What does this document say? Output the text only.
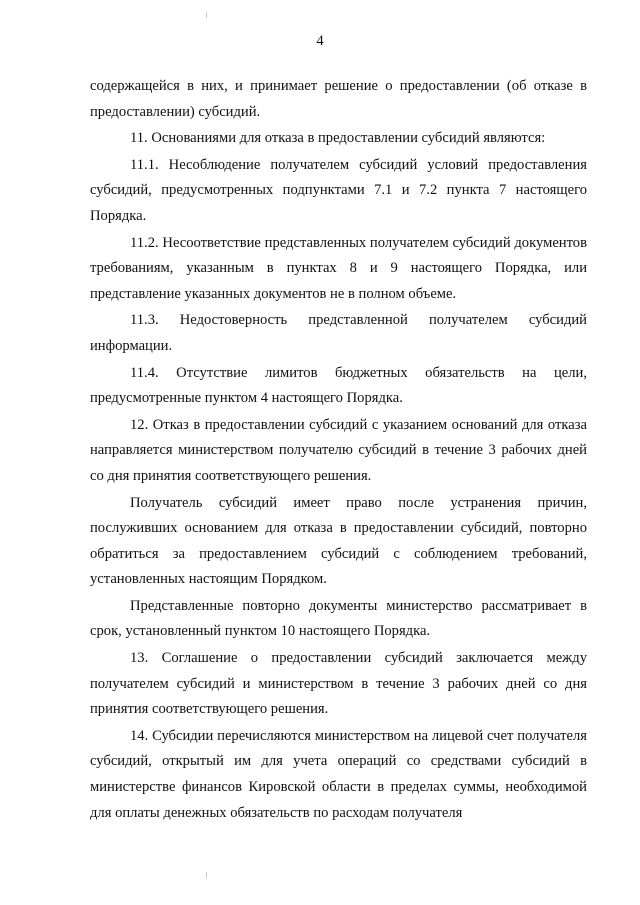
4

содержащейся в них, и принимает решение о предоставлении (об отказе в предоставлении) субсидий.

11. Основаниями для отказа в предоставлении субсидий являются:

11.1. Несоблюдение получателем субсидий условий предоставления субсидий, предусмотренных подпунктами 7.1 и 7.2 пункта 7 настоящего Порядка.

11.2. Несоответствие представленных получателем субсидий документов требованиям, указанным в пунктах 8 и 9 настоящего Порядка, или представление указанных документов не в полном объеме.

11.3. Недостоверность представленной получателем субсидий информации.

11.4. Отсутствие лимитов бюджетных обязательств на цели, предусмотренные пунктом 4 настоящего Порядка.

12. Отказ в предоставлении субсидий с указанием оснований для отказа направляется министерством получателю субсидий в течение 3 рабочих дней со дня принятия соответствующего решения.

Получатель субсидий имеет право после устранения причин, послуживших основанием для отказа в предоставлении субсидий, повторно обратиться за предоставлением субсидий с соблюдением требований, установленных настоящим Порядком.

Представленные повторно документы министерство рассматривает в срок, установленный пунктом 10 настоящего Порядка.

13. Соглашение о предоставлении субсидий заключается между получателем субсидий и министерством в течение 3 рабочих дней со дня принятия соответствующего решения.

14. Субсидии перечисляются министерством на лицевой счет получателя субсидий, открытый им для учета операций со средствами субсидий в министерстве финансов Кировской области в пределах суммы, необходимой для оплаты денежных обязательств по расходам получателя
